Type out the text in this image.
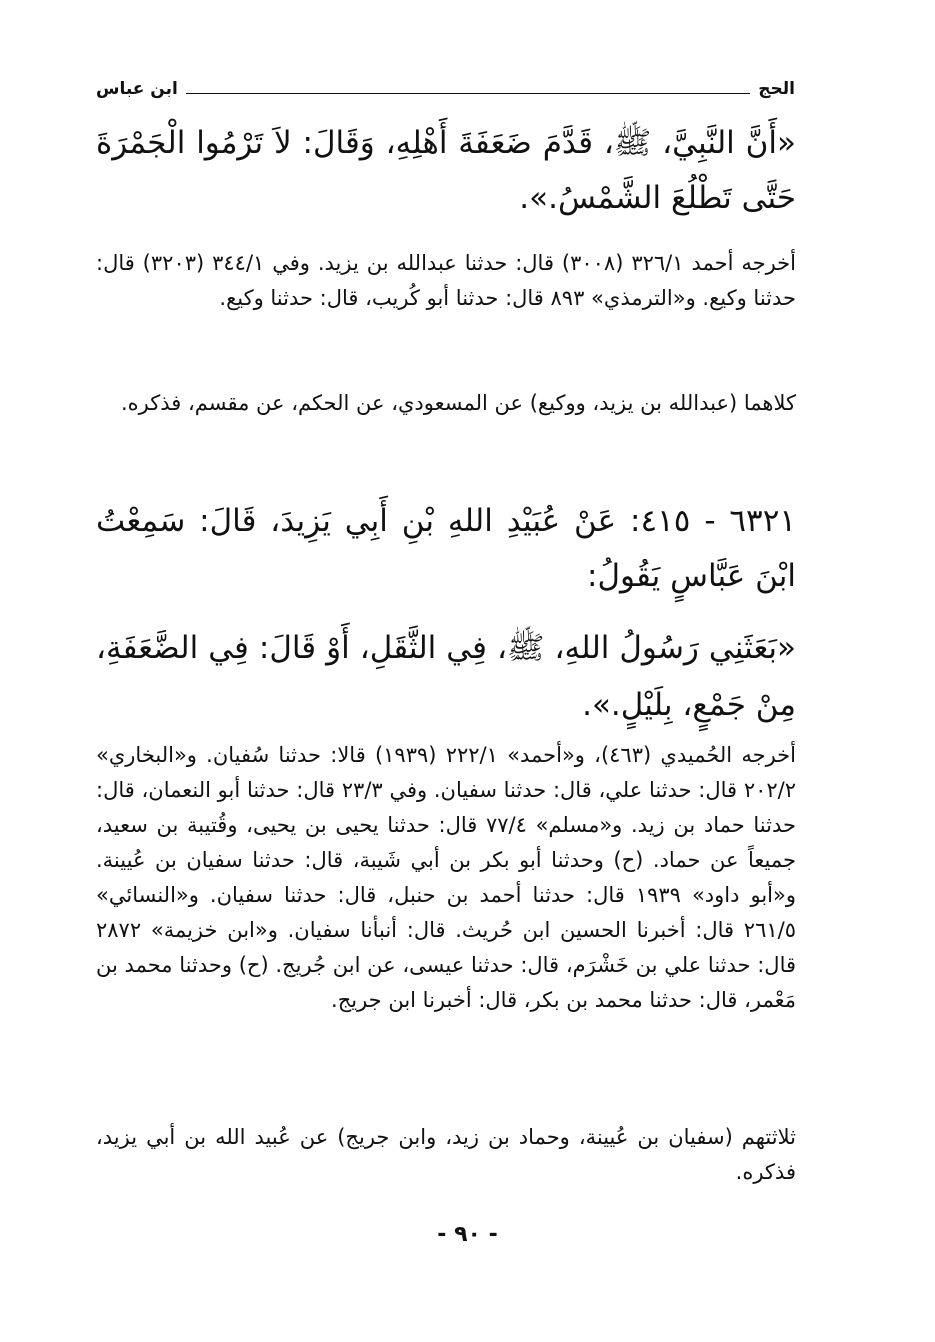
الحج
ابن عباس
«أَنَّ النَّبِيَّ، ﷺ، قَدَّمَ ضَعَفَةَ أَهْلِهِ، وَقَالَ: لاَ تَرْمُوا الْجَمْرَةَ حَتَّى تَطْلُعَ الشَّمْسُ.».
أخرجه أحمد ٣٢٦/١ (٣٠٠٨) قال: حدثنا عبدالله بن يزيد. وفي ٣٤٤/١ (٣٢٠٣) قال: حدثنا وكيع. و«الترمذي» ٨٩٣ قال: حدثنا أبو كُريب، قال: حدثنا وكيع.
كلاهما (عبدالله بن يزيد، ووكيع) عن المسعودي، عن الحكم، عن مقسم، فذكره.
٦٣٢١ - ٤١٥: عَنْ عُبَيْدِ اللهِ بْنِ أَبِي يَزِيدَ، قَالَ: سَمِعْتُ ابْنَ عَبَّاسٍ يَقُولُ:
«بَعَثَنِي رَسُولُ اللهِ، ﷺ، فِي الثَّقَلِ، أَوْ قَالَ: فِي الضَّعَفَةِ، مِنْ جَمْعٍ، بِلَيْلٍ.».
أخرجه الحُميدي (٤٦٣)، و«أحمد» ٢٢٢/١ (١٩٣٩) قالا: حدثنا سُفيان. و«البخاري» ٢٠٢/٢ قال: حدثنا علي، قال: حدثنا سفيان. وفي ٢٣/٣ قال: حدثنا أبو النعمان، قال: حدثنا حماد بن زيد. و«مسلم» ٧٧/٤ قال: حدثنا يحيى بن يحيى، وقُتيبة بن سعيد، جميعاً عن حماد. (ح) وحدثنا أبو بكر بن أبي شَيبة، قال: حدثنا سفيان بن عُيينة. و«أبو داود» ١٩٣٩ قال: حدثنا أحمد بن حنبل، قال: حدثنا سفيان. و«النسائي» ٢٦١/٥ قال: أخبرنا الحسين ابن حُريث. قال: أنبأنا سفيان. و«ابن خزيمة» ٢٨٧٢ قال: حدثنا علي بن خَشْرَم، قال: حدثنا عيسى، عن ابن جُريج. (ح) وحدثنا محمد بن مَعْمر، قال: حدثنا محمد بن بكر، قال: أخبرنا ابن جريج.
ثلاثتهم (سفيان بن عُيينة، وحماد بن زيد، وابن جريج) عن عُبيد الله بن أبي يزيد، فذكره.
- ٩٠ -
